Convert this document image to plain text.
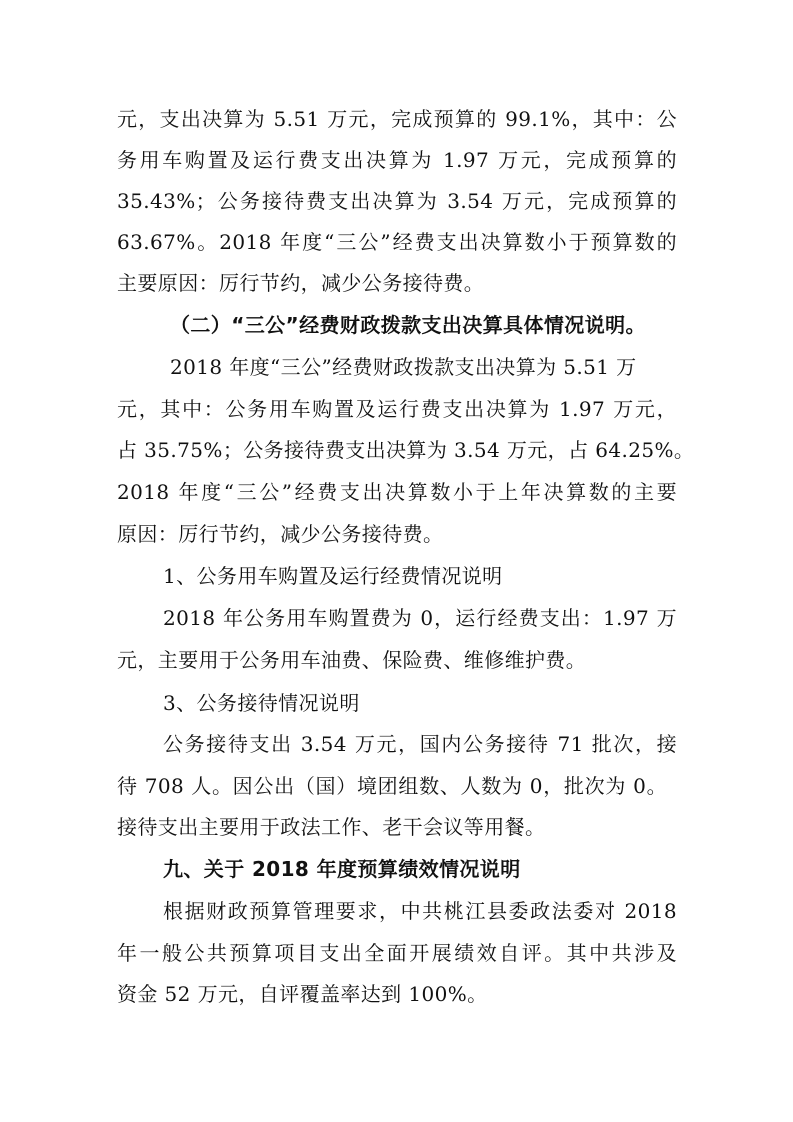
元，支出决算为 5.51 万元，完成预算的 99.1%，其中：公
务用车购置及运行费支出决算为 1.97 万元，完成预算的
35.43%；公务接待费支出决算为 3.54 万元，完成预算的
63.67%。2018 年度“三公”经费支出决算数小于预算数的
主要原因：厉行节约，减少公务接待费。
（二）“三公”经费财政拨款支出决算具体情况说明。
2018 年度“三公”经费财政拨款支出决算为 5.51 万
元，其中：公务用车购置及运行费支出决算为 1.97 万元，
占 35.75%；公务接待费支出决算为 3.54 万元，占 64.25%。
2018 年度“三公”经费支出决算数小于上年决算数的主要
原因：厉行节约，减少公务接待费。
1、公务用车购置及运行经费情况说明
2018 年公务用车购置费为 0，运行经费支出：1.97 万
元，主要用于公务用车油费、保险费、维修维护费。
3、公务接待情况说明
公务接待支出 3.54 万元，国内公务接待 71 批次，接
待 708 人。因公出（国）境团组数、人数为 0，批次为 0。
接待支出主要用于政法工作、老干会议等用餐。
九、关于 2018 年度预算绩效情况说明
根据财政预算管理要求，中共桃江县委政法委对 2018
年一般公共预算项目支出全面开展绩效自评。其中共涉及
资金 52 万元，自评覆盖率达到 100%。
